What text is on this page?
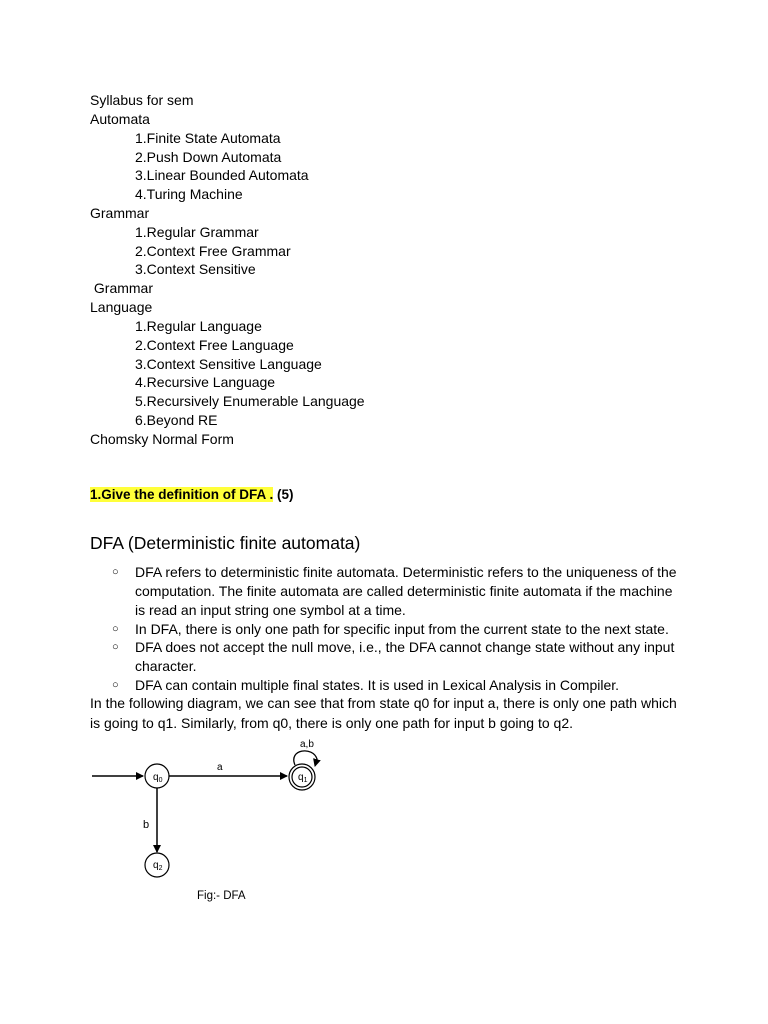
Syllabus for sem
Automata
1.Finite State Automata
2.Push Down Automata
3.Linear Bounded Automata
4.Turing Machine
Grammar
1.Regular Grammar
2.Context Free Grammar
3.Context Sensitive
Grammar
Language
1.Regular Language
2.Context Free Language
3.Context Sensitive Language
4.Recursive Language
5.Recursively Enumerable Language
6.Beyond RE
Chomsky Normal Form
1.Give the definition of DFA . (5)
DFA (Deterministic finite automata)
○ DFA refers to deterministic finite automata. Deterministic refers to the uniqueness of the computation. The finite automata are called deterministic finite automata if the machine is read an input string one symbol at a time.
○ In DFA, there is only one path for specific input from the current state to the next state.
○ DFA does not accept the null move, i.e., the DFA cannot change state without any input character.
○ DFA can contain multiple final states. It is used in Lexical Analysis in Compiler.
In the following diagram, we can see that from state q0 for input a, there is only one path which is going to q1. Similarly, from q0, there is only one path for input b going to q2.
$q_0$	$q_1$
$q_2$
a
b
a,b
Fig:- DFA
